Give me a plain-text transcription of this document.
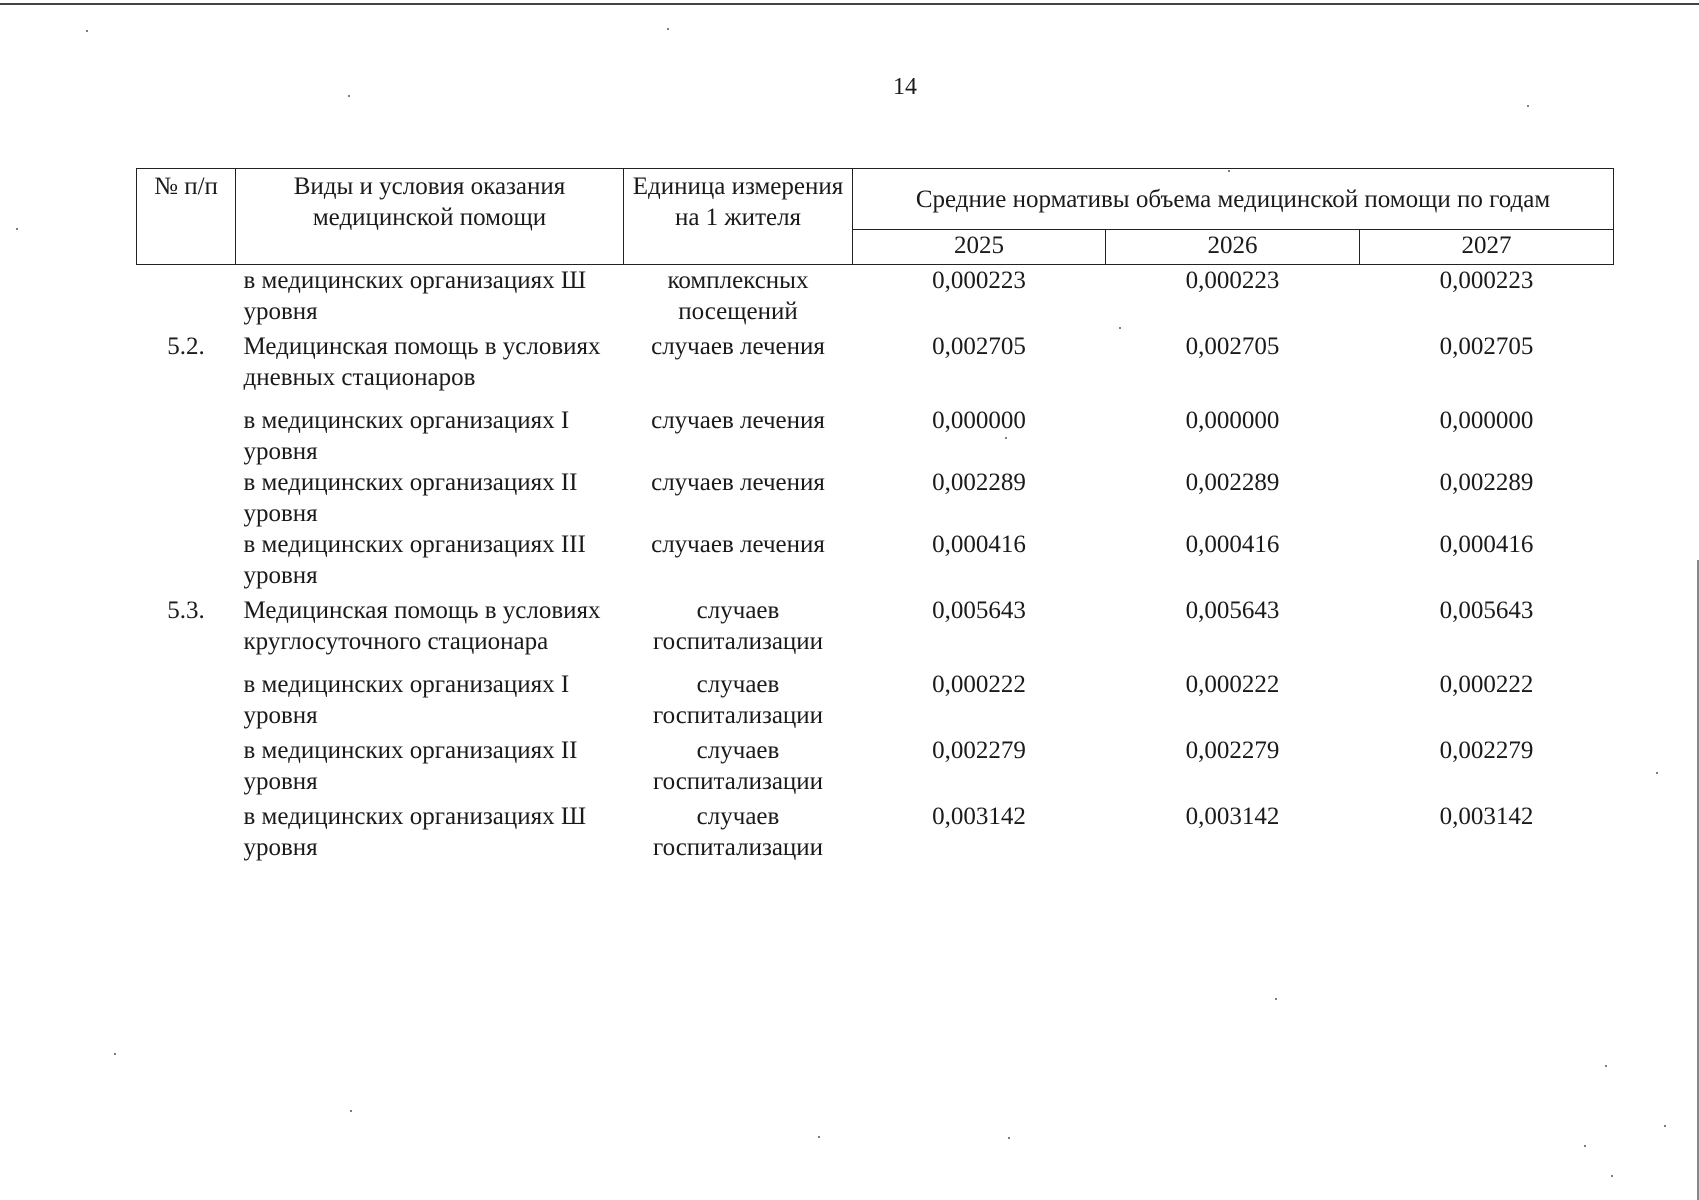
14
№ п/п	Виды и условия оказания медицинской помощи	Единица измерения на 1 жителя	Средние нормативы объема медицинской помощи по годам		
			2025	2026	2027
	в медицинских организациях Ш уровня	комплексных посещений	0,000223	0,000223	0,000223
5.2.	Медицинская помощь в условиях дневных стационаров	случаев лечения	0,002705	0,002705	0,002705
	в медицинских организациях I уровня	случаев лечения	0,000000	0,000000	0,000000
	в медицинских организациях II уровня	случаев лечения	0,002289	0,002289	0,002289
	в медицинских организациях III уровня	случаев лечения	0,000416	0,000416	0,000416
5.3.	Медицинская помощь в условиях круглосуточного стационара	случаев госпитализации	0,005643	0,005643	0,005643
	в медицинских организациях I уровня	случаев госпитализации	0,000222	0,000222	0,000222
	в медицинских организациях II уровня	случаев госпитализации	0,002279	0,002279	0,002279
	в медицинских организациях Ш уровня	случаев госпитализации	0,003142	0,003142	0,003142
